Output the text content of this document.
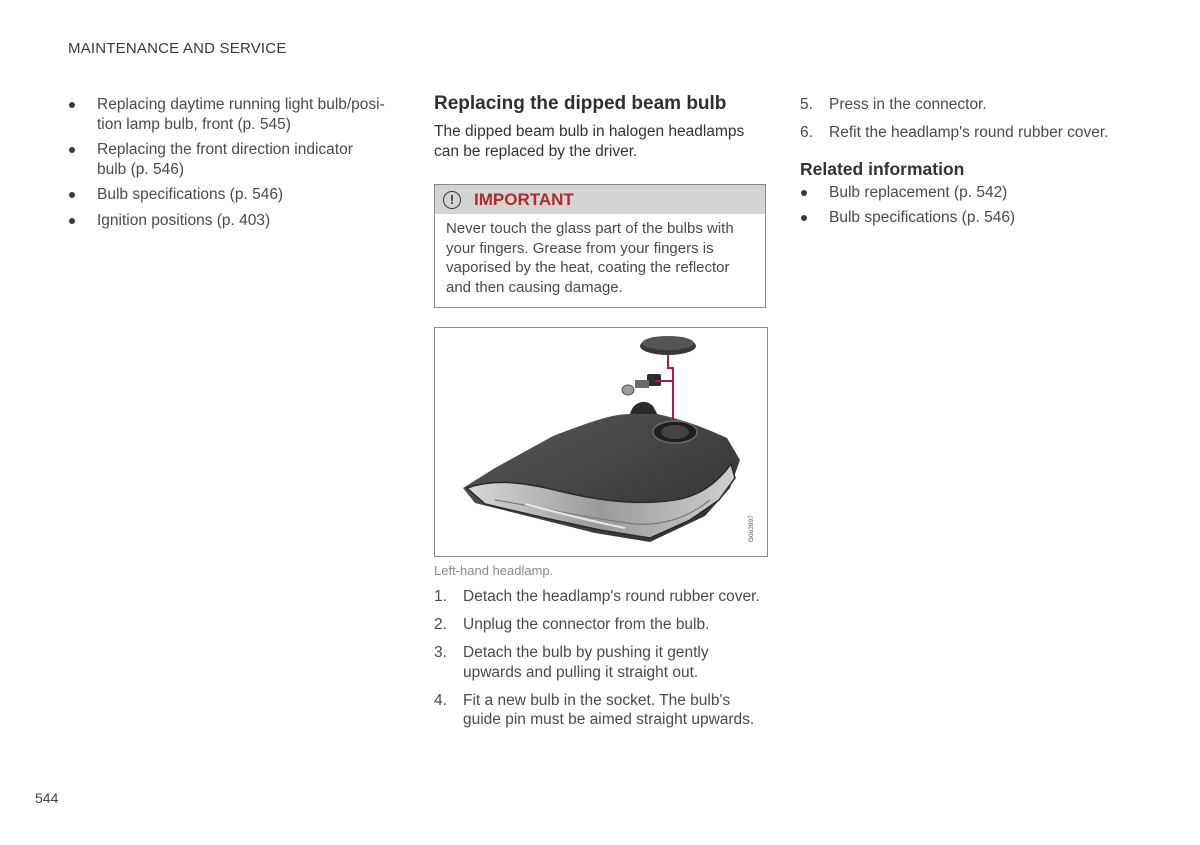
MAINTENANCE AND SERVICE
Replacing daytime running light bulb/posi-tion lamp bulb, front (p. 545)
Replacing the front direction indicator bulb (p. 546)
Bulb specifications (p. 546)
Ignition positions (p. 403)
Replacing the dipped beam bulb
The dipped beam bulb in halogen headlamps can be replaced by the driver.
!	IMPORTANT
Never touch the glass part of the bulbs with your fingers. Grease from your fingers is vaporised by the heat, coating the reflector and then causing damage.
G063997
Left-hand headlamp.
1. Detach the headlamp's round rubber cover.
2. Unplug the connector from the bulb.
3. Detach the bulb by pushing it gently upwards and pulling it straight out.
4. Fit a new bulb in the socket. The bulb's guide pin must be aimed straight upwards.
5. Press in the connector.
6. Refit the headlamp's round rubber cover.
Related information
Bulb replacement (p. 542)
Bulb specifications (p. 546)
544
